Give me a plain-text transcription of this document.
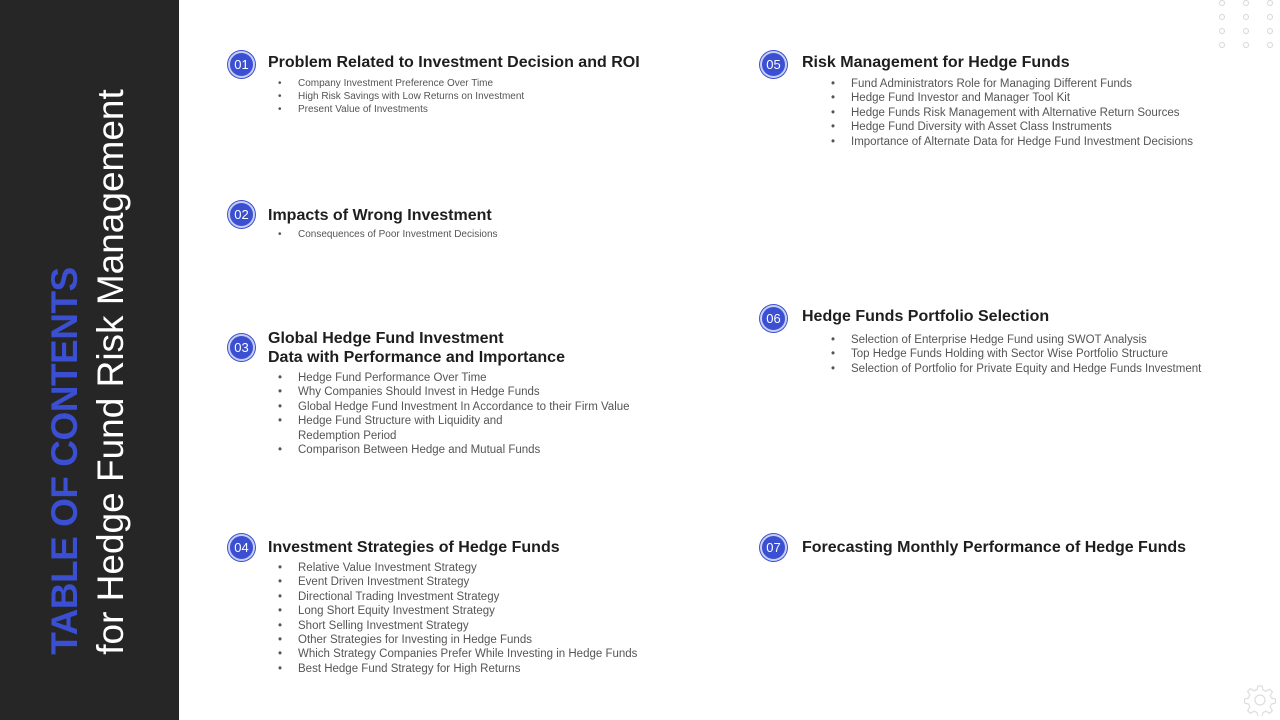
TABLE OF CONTENTS for Hedge Fund Risk Management
01	Problem Related to Investment Decision and ROI
• Company Investment Preference Over Time
• High Risk Savings with Low Returns on Investment
• Present Value of Investments
02	Impacts of Wrong Investment
• Consequences of Poor Investment Decisions
03
Global Hedge Fund Investment
Data with Performance and Importance
• Hedge Fund Performance Over Time
• Why Companies Should Invest in Hedge Funds
• Global Hedge Fund Investment In Accordance to their Firm Value
• Hedge Fund Structure with Liquidity and
Redemption Period
• Comparison Between Hedge and Mutual Funds
04	Investment Strategies of Hedge Funds
• Relative Value Investment Strategy
• Event Driven Investment Strategy
• Directional Trading Investment Strategy
• Long Short Equity Investment Strategy
• Short Selling Investment Strategy
• Other Strategies for Investing in Hedge Funds
• Which Strategy Companies Prefer While Investing in Hedge Funds
• Best Hedge Fund Strategy for High Returns
05	Risk Management for Hedge Funds
• Fund Administrators Role for Managing Different Funds
• Hedge Fund Investor and Manager Tool Kit
• Hedge Funds Risk Management with Alternative Return Sources
• Hedge Fund Diversity with Asset Class Instruments
• Importance of Alternate Data for Hedge Fund Investment Decisions
06	Hedge Funds Portfolio Selection
• Selection of Enterprise Hedge Fund using SWOT Analysis
• Top Hedge Funds Holding with Sector Wise Portfolio Structure
• Selection of Portfolio for Private Equity and Hedge Funds Investment
07	Forecasting Monthly Performance of Hedge Funds
